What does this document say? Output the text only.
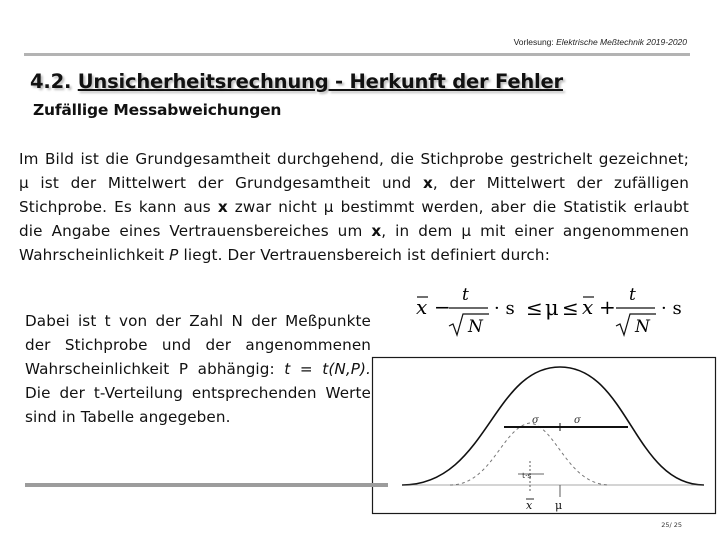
Vorlesung: Elektrische Meßtechnik 2019-2020
4.2. Unsicherheitsrechnung - Herkunft der Fehler
Zufällige Messabweichungen

Im Bild ist die Grundgesamtheit durchgehend, die Stichprobe gestrichelt gezeichnet; μ ist der Mittelwert der Grundgesamtheit und x, der Mittelwert der zufälligen Stichprobe. Es kann aus x zwar nicht μ bestimmt werden, aber die Statistik erlaubt die Angabe eines Vertrauensbereiches um x, in dem μ mit einer angenommenen Wahrscheinlichkeit P liegt. Der Vertrauensbereich ist definiert durch:

x − t
N
· s ≤ μ ≤ x + t
N
· s

Dabei ist t von der Zahl N der Meßpunkte der Stichprobe und der angenommenen Wahrscheinlichkeit P abhängig: t = t(N,P). Die der t-Verteilung entsprechenden Werte sind in Tabelle angegeben.	σ	σ
t·s
x μ
25/ 25
